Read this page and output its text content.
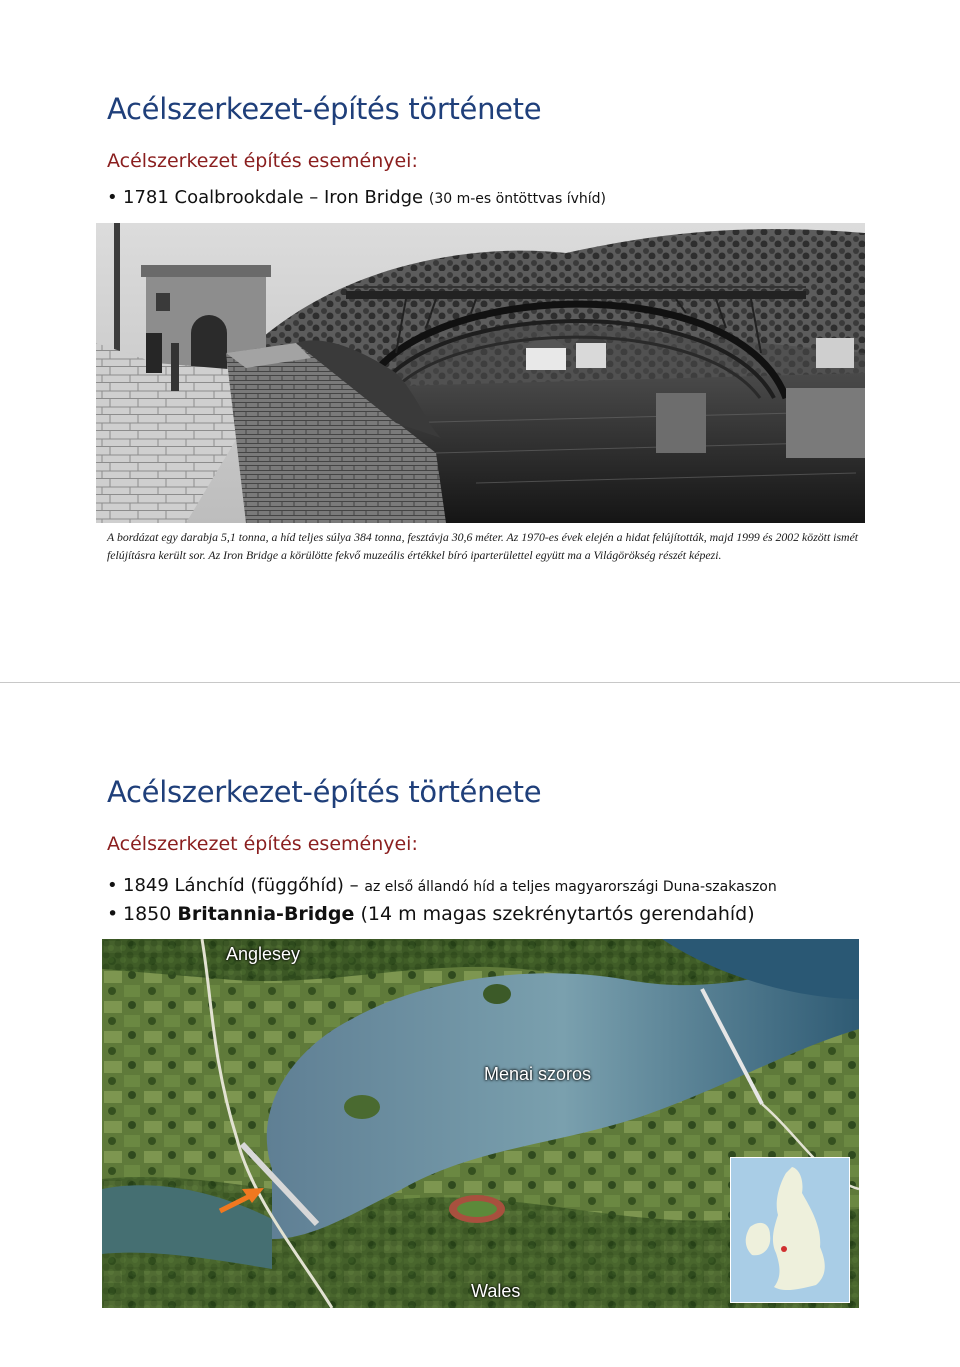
Acélszerkezet-építés története
Acélszerkezet építés eseményei:
• 1781 Coalbrookdale – Iron Bridge (30 m-es öntöttvas ívhíd)
A bordázat egy darabja 5,1 tonna, a híd teljes súlya 384 tonna, fesztávja 30,6 méter. Az 1970-es évek elején a hidat felújították, majd 1999 és 2002 között ismét felújításra került sor. Az Iron Bridge a körülötte fekvő muzeális értékkel bíró iparterülettel együtt ma a Világörökség részét képezi.
Acélszerkezet-építés története
Acélszerkezet építés eseményei:
• 1849 Lánchíd (függőhíd) – az első állandó híd a teljes magyarországi Duna-szakaszon
• 1850 Britannia-Bridge (14 m magas szekrénytartós gerendahíd)
Anglesey
Menai szoros
Wales
